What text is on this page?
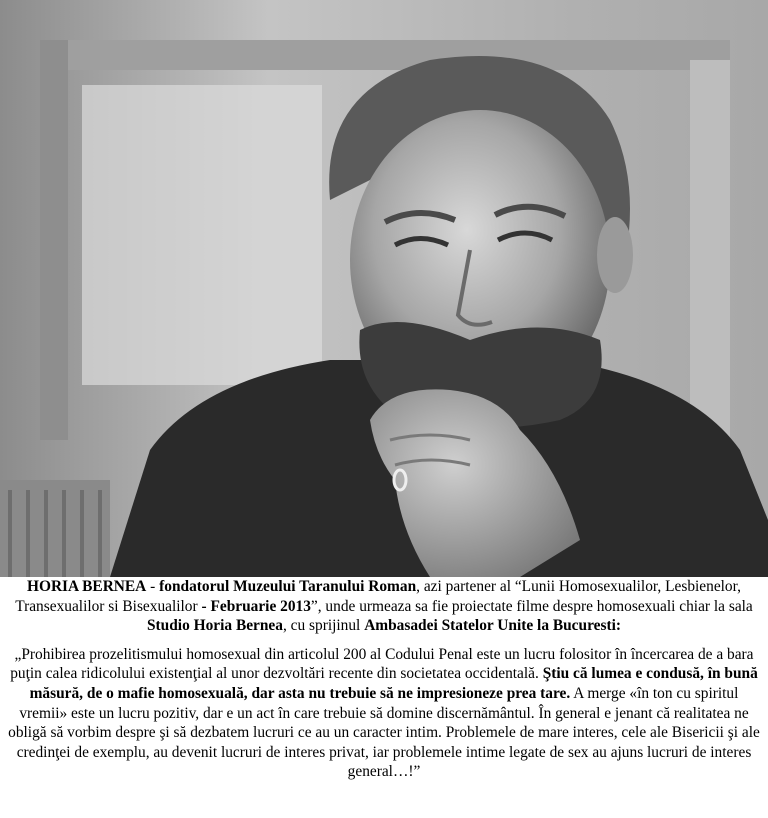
HORIA BERNEA - fondatorul Muzeului Taranului Roman, azi partener al “Lunii Homosexualilor, Lesbienelor, Transexualilor si Bisexualilor - Februarie 2013”, unde urmeaza sa fie proiectate filme despre homosexuali chiar la sala Studio Horia Bernea, cu sprijinul Ambasadei Statelor Unite la Bucuresti:

„Prohibirea prozelitismului homosexual din articolul 200 al Codului Penal este un lucru folositor în încercarea de a bara puţin calea ridicolului existenţial al unor dezvoltări recente din societatea occidentală. Ştiu că lumea e condusă, în bună măsură, de o mafie homosexuală, dar asta nu trebuie să ne impresioneze prea tare. A merge «în ton cu spiritul vremii» este un lucru pozitiv, dar e un act în care trebuie să domine discernământul. În general e jenant că realitatea ne obligă să vorbim despre şi să dezbatem lucruri ce au un caracter intim. Problemele de mare interes, cele ale Bisericii şi ale credinţei de exemplu, au devenit lucruri de interes privat, iar problemele intime legate de sex au ajuns lucruri de interes general…!”
